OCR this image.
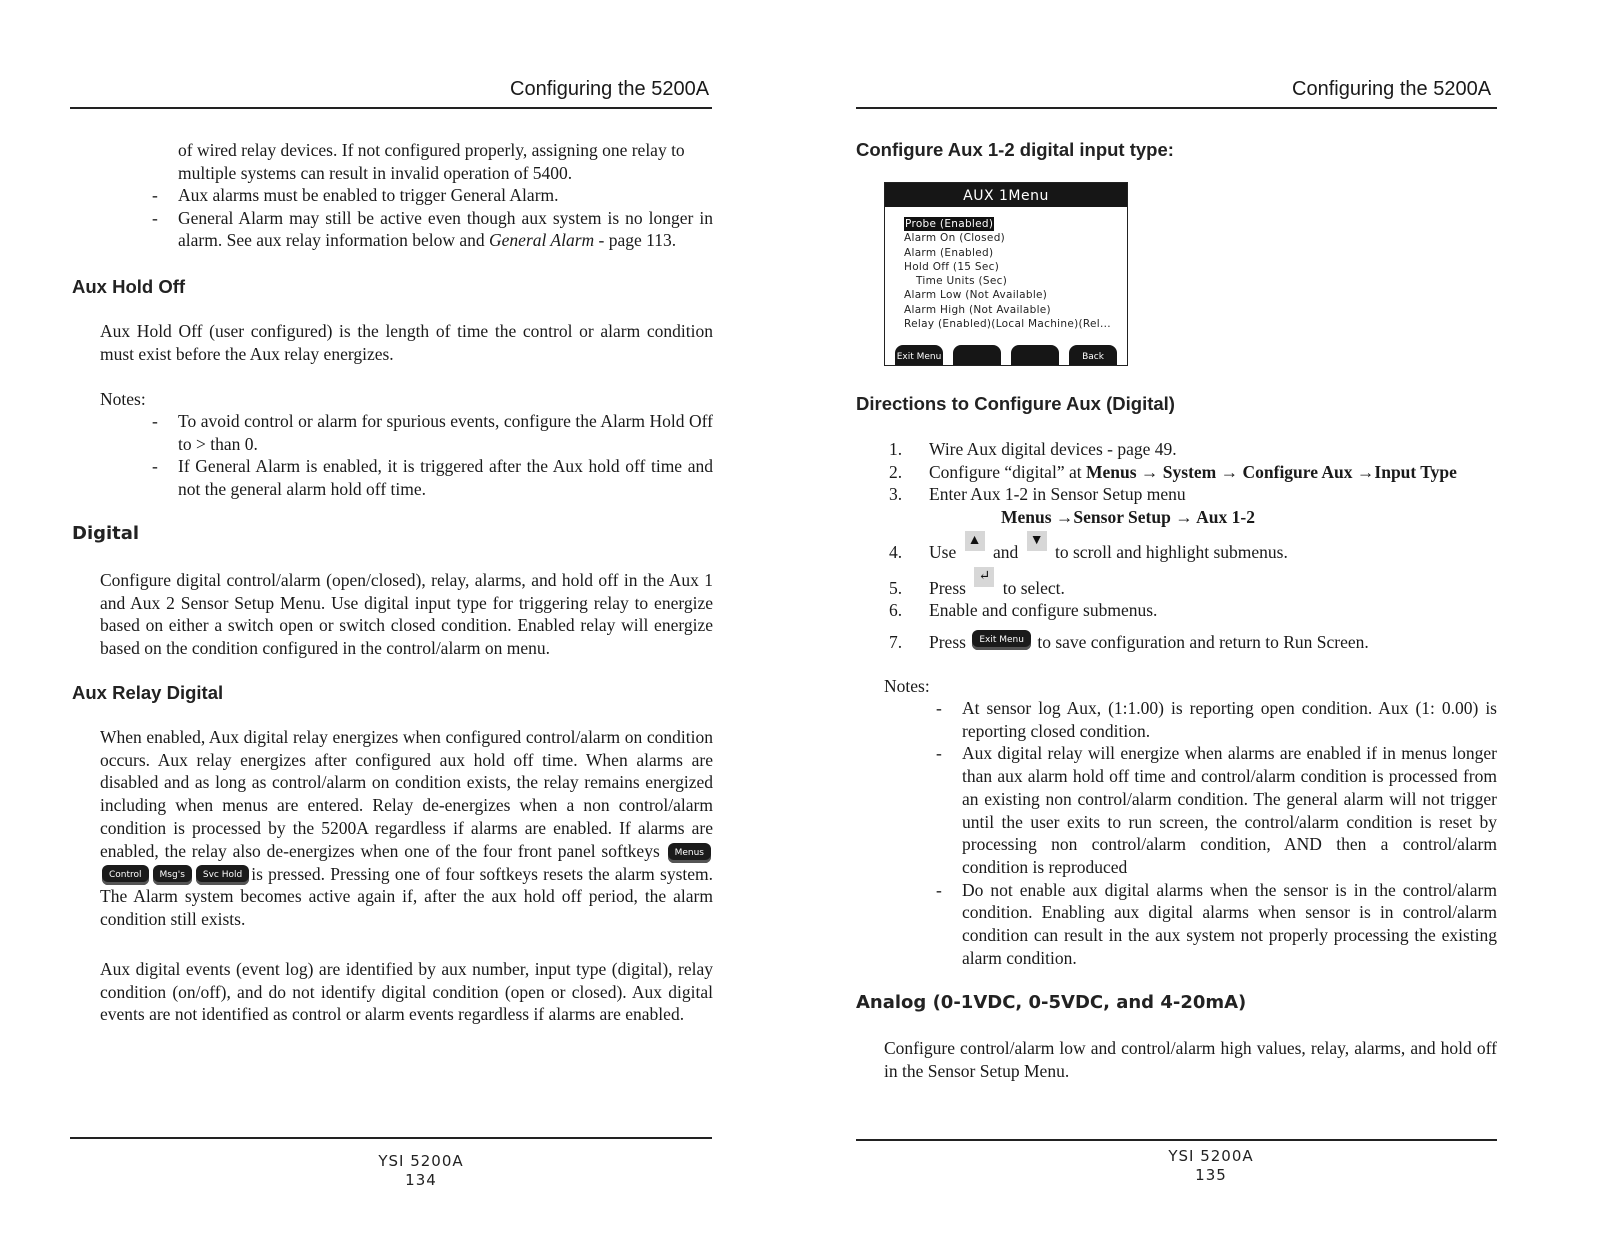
Configuring the 5200A
of wired relay devices. If not configured properly, assigning one relay to
multiple systems can result in invalid operation of 5400.
- Aux alarms must be enabled to trigger General Alarm.
- General Alarm may still be active even though aux system is no longer in alarm. See aux relay information below and General Alarm - page 113.
Aux Hold Off

Aux Hold Off (user configured) is the length of time the control or alarm condition must exist before the Aux relay energizes.

Notes:
- To avoid control or alarm for spurious events, configure the Alarm Hold Off to > than 0.
- If General Alarm is enabled, it is triggered after the Aux hold off time and not the general alarm hold off time.
Digital

Configure digital control/alarm (open/closed), relay, alarms, and hold off in the Aux 1 and Aux 2 Sensor Setup Menu. Use digital input type for triggering relay to energize based on either a switch open or switch closed condition. Enabled relay will energize based on the condition configured in the control/alarm on menu.

Aux Relay Digital

When enabled, Aux digital relay energizes when configured control/alarm on condition occurs. Aux relay energizes after configured aux hold off time. When alarms are disabled and as long as control/alarm on condition exists, the relay remains energized including when menus are entered. Relay de-energizes when a non control/alarm condition is processed by the 5200A regardless if alarms are enabled. If alarms are enabled, the relay also de-energizes when one of the four front panel softkeys MenusControl Msg's Svc Hold is pressed. Pressing one of four softkeys resets the alarm system. The Alarm system becomes active again if, after the aux hold off period, the alarm condition still exists.

Aux digital events (event log) are identified by aux number, input type (digital), relay condition (on/off), and do not identify digital condition (open or closed). Aux digital events are not identified as control or alarm events regardless if alarms are enabled.

YSI 5200A
134
Configuring the 5200A
Configure Aux 1-2 digital input type:
AUX 1Menu
Probe (Enabled)
Alarm On (Closed)
Alarm (Enabled)
Hold Off (15 Sec)
Time Units (Sec)
Alarm Low (Not Available)
Alarm High (Not Available)
Relay (Enabled)(Local Machine)(Rel...
Exit Menu	Back
Directions to Configure Aux (Digital)
1. Wire Aux digital devices - page 49.
2. Configure “digital” at Menus → System → Configure Aux →Input Type
3. Enter Aux 1-2 in Sensor Setup menu
Menus →Sensor Setup → Aux 1-2
4. Use ▲ and ▼ to scroll and highlight submenus.
5. Press ↵ to select.
6. Enable and configure submenus.
7. Press Exit Menu to save configuration and return to Run Screen.
Notes:
- At sensor log Aux, (1:1.00) is reporting open condition. Aux (1: 0.00) is reporting closed condition.
- Aux digital relay will energize when alarms are enabled if in menus longer than aux alarm hold off time and control/alarm condition is processed from an existing non control/alarm condition. The general alarm will not trigger until the user exits to run screen, the control/alarm condition is reset by processing non control/alarm condition, AND then a control/alarm condition is reproduced
- Do not enable aux digital alarms when the sensor is in the control/alarm condition. Enabling aux digital alarms when sensor is in control/alarm condition can result in the aux system not properly processing the existing alarm condition.
Analog (0-1VDC, 0-5VDC, and 4-20mA)

Configure control/alarm low and control/alarm high values, relay, alarms, and hold off in the Sensor Setup Menu.

YSI 5200A
135
